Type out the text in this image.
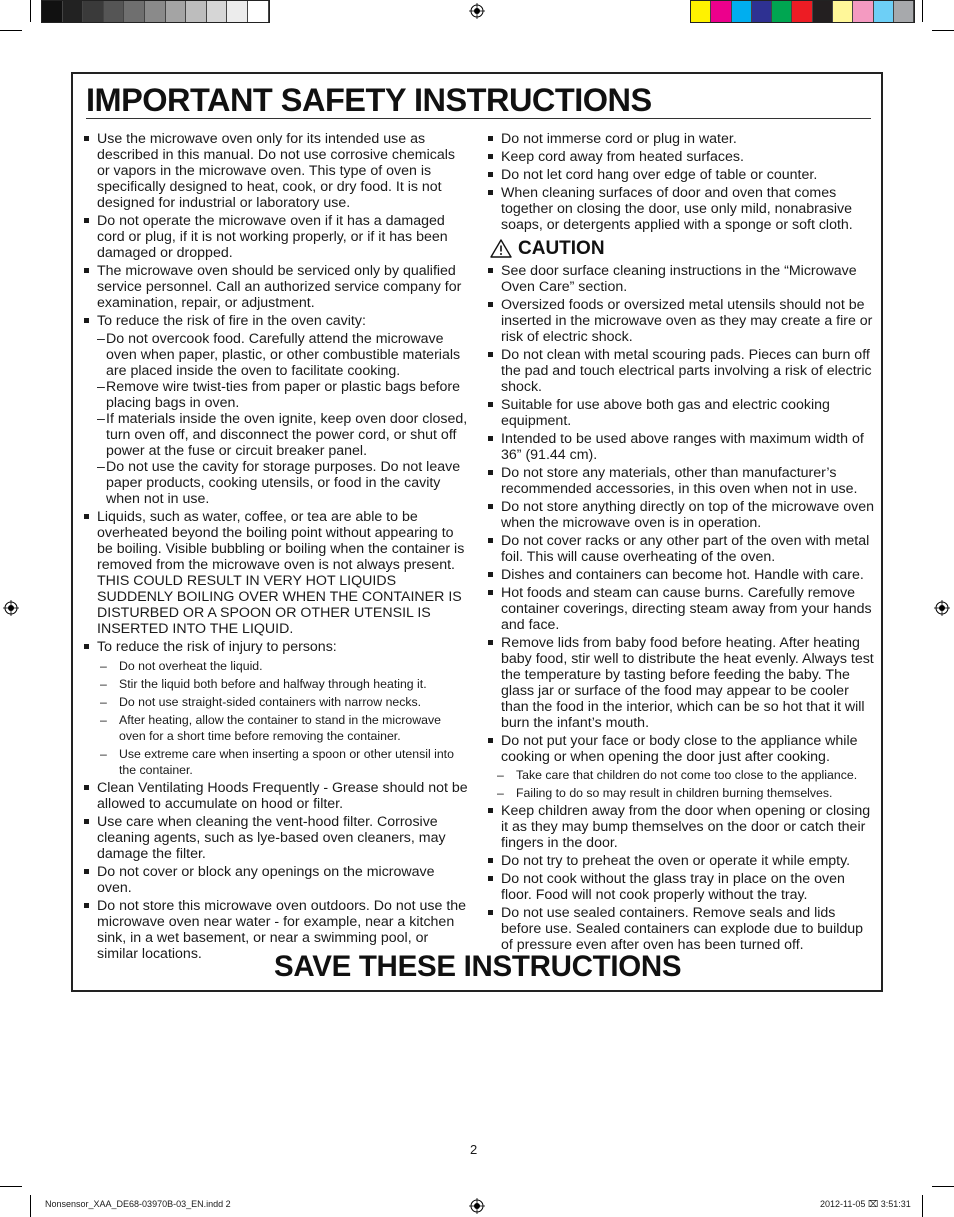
IMPORTANT SAFETY INSTRUCTIONS
Use the microwave oven only for its intended use as described in this manual. Do not use corrosive chemicals or vapors in the microwave oven. This type of oven is specifically designed to heat, cook, or dry food. It is not designed for industrial or laboratory use.
Do not operate the microwave oven if it has a damaged cord or plug, if it is not working properly, or if it has been damaged or dropped.
The microwave oven should be serviced only by qualified service personnel. Call an authorized service company for examination, repair, or adjustment.
To reduce the risk of fire in the oven cavity:
– Do not overcook food. Carefully attend the microwave oven when paper, plastic, or other combustible materials are placed inside the oven to facilitate cooking.
– Remove wire twist-ties from paper or plastic bags before placing bags in oven.
– If materials inside the oven ignite, keep oven door closed, turn oven off, and disconnect the power cord, or shut off power at the fuse or circuit breaker panel.
– Do not use the cavity for storage purposes. Do not leave paper products, cooking utensils, or food in the cavity when not in use.
Liquids, such as water, coffee, or tea are able to be overheated beyond the boiling point without appearing to be boiling. Visible bubbling or boiling when the container is removed from the microwave oven is not always present. THIS COULD RESULT IN VERY HOT LIQUIDS SUDDENLY BOILING OVER WHEN THE CONTAINER IS DISTURBED OR A SPOON OR OTHER UTENSIL IS INSERTED INTO THE LIQUID.
To reduce the risk of injury to persons:
– Do not overheat the liquid.
– Stir the liquid both before and halfway through heating it.
– Do not use straight-sided containers with narrow necks.
– After heating, allow the container to stand in the microwave oven for a short time before removing the container.
– Use extreme care when inserting a spoon or other utensil into the container.
Clean Ventilating Hoods Frequently - Grease should not be allowed to accumulate on hood or filter.
Use care when cleaning the vent-hood filter. Corrosive cleaning agents, such as lye-based oven cleaners, may damage the filter.
Do not cover or block any openings on the microwave oven.
Do not store this microwave oven outdoors. Do not use the microwave oven near water - for example, near a kitchen sink, in a wet basement, or near a swimming pool, or similar locations.
Do not immerse cord or plug in water.
Keep cord away from heated surfaces.
Do not let cord hang over edge of table or counter.
When cleaning surfaces of door and oven that comes together on closing the door, use only mild, nonabrasive soaps, or detergents applied with a sponge or soft cloth.
CAUTION
See door surface cleaning instructions in the “Microwave Oven Care” section.
Oversized foods or oversized metal utensils should not be inserted in the microwave oven as they may create a fire or risk of electric shock.
Do not clean with metal scouring pads. Pieces can burn off the pad and touch electrical parts involving a risk of electric shock.
Suitable for use above both gas and electric cooking equipment.
Intended to be used above ranges with maximum width of 36” (91.44 cm).
Do not store any materials, other than manufacturer’s recommended accessories, in this oven when not in use.
Do not store anything directly on top of the microwave oven when the microwave oven is in operation.
Do not cover racks or any other part of the oven with metal foil. This will cause overheating of the oven.
Dishes and containers can become hot. Handle with care.
Hot foods and steam can cause burns. Carefully remove container coverings, directing steam away from your hands and face.
Remove lids from baby food before heating. After heating baby food, stir well to distribute the heat evenly. Always test the temperature by tasting before feeding the baby. The glass jar or surface of the food may appear to be cooler than the food in the interior, which can be so hot that it will burn the infant’s mouth.
Do not put your face or body close to the appliance while cooking or when opening the door just after cooking.
– Take care that children do not come too close to the appliance.
– Failing to do so may result in children burning themselves.
Keep children away from the door when opening or closing it as they may bump themselves on the door or catch their fingers in the door.
Do not try to preheat the oven or operate it while empty.
Do not cook without the glass tray in place on the oven floor. Food will not cook properly without the tray.
Do not use sealed containers. Remove seals and lids before use. Sealed containers can explode due to buildup of pressure even after oven has been turned off.
SAVE THESE INSTRUCTIONS
2
Nonsensor_XAA_DE68-03970B-03_EN.indd 2	2012-11-05 ⌧ 3:51:31
